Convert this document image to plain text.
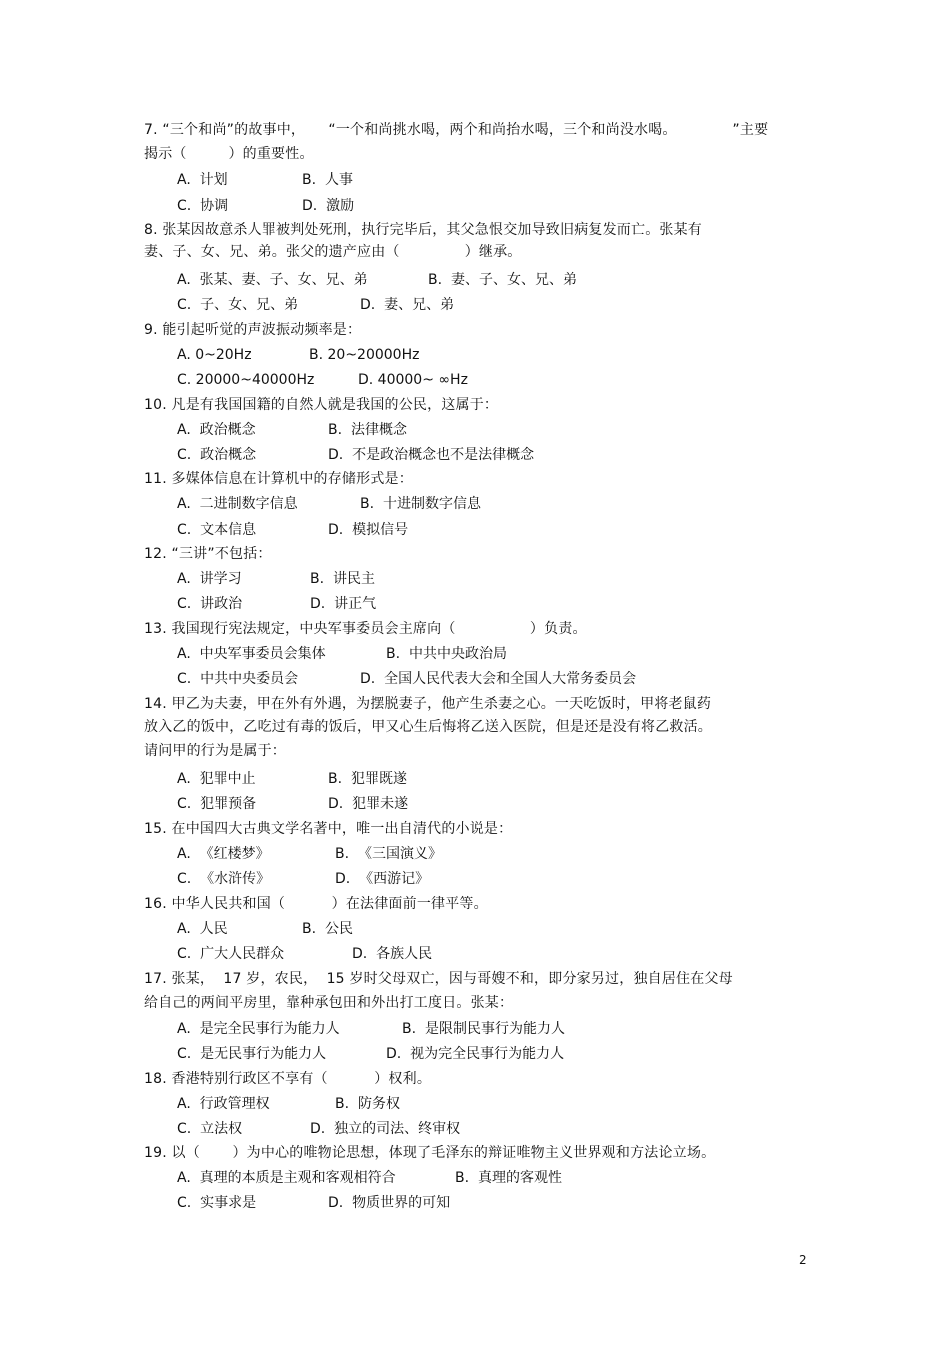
7. “三个和尚”的故事中，     “一个和尚挑水喝，两个和尚抬水喝，三个和尚没水喝。            ”主要
揭示（         ）的重要性。
A.  计划	B.  人事
C.  协调	D.  激励
8. 张某因故意杀人罪被判处死刑，执行完毕后，其父急恨交加导致旧病复发而亡。张某有
妻、子、女、兄、弟。张父的遗产应由（              ）继承。
A.  张某、妻、子、女、兄、弟	B.  妻、子、女、兄、弟
C.  子、女、兄、弟	D.  妻、兄、弟
9. 能引起听觉的声波振动频率是：
A. 0~20Hz	B. 20~20000Hz
C. 20000~40000Hz	D. 40000~ ∞Hz
10. 凡是有我国国籍的自然人就是我国的公民，这属于：
A.  政治概念	B.  法律概念
C.  政治概念	D.  不是政治概念也不是法律概念
11. 多媒体信息在计算机中的存储形式是：
A.  二进制数字信息	B.  十进制数字信息
C.  文本信息	D.  模拟信号
12. “三讲”不包括：
A.  讲学习	B.  讲民主
C.  讲政治	D.  讲正气
13. 我国现行宪法规定，中央军事委员会主席向（                ）负责。
A.  中央军事委员会集体	B.  中共中央政治局
C.  中共中央委员会	D.  全国人民代表大会和全国人大常务委员会
14. 甲乙为夫妻，甲在外有外遇，为摆脱妻子，他产生杀妻之心。一天吃饭时，甲将老鼠药
放入乙的饭中，乙吃过有毒的饭后，甲又心生后悔将乙送入医院，但是还是没有将乙救活。
请问甲的行为是属于：
A.  犯罪中止	B.  犯罪既遂
C.  犯罪预备	D.  犯罪未遂
15. 在中国四大古典文学名著中，唯一出自清代的小说是：
A.  《红楼梦》	B.  《三国演义》
C.  《水浒传》	D.  《西游记》
16. 中华人民共和国（          ）在法律面前一律平等。
A.  人民	B.  公民
C.  广大人民群众	D.  各族人民
17. 张某，  17 岁，农民，  15 岁时父母双亡，因与哥嫂不和，即分家另过，独自居住在父母
给自己的两间平房里，靠种承包田和外出打工度日。张某：
A.  是完全民事行为能力人	B.  是限制民事行为能力人
C.  是无民事行为能力人	D.  视为完全民事行为能力人
18. 香港特别行政区不享有（          ）权利。
A.  行政管理权	B.  防务权
C.  立法权	D.  独立的司法、终审权
19. 以（       ）为中心的唯物论思想，体现了毛泽东的辩证唯物主义世界观和方法论立场。
A.  真理的本质是主观和客观相符合	B.  真理的客观性
C.  实事求是	D.  物质世界的可知
2
